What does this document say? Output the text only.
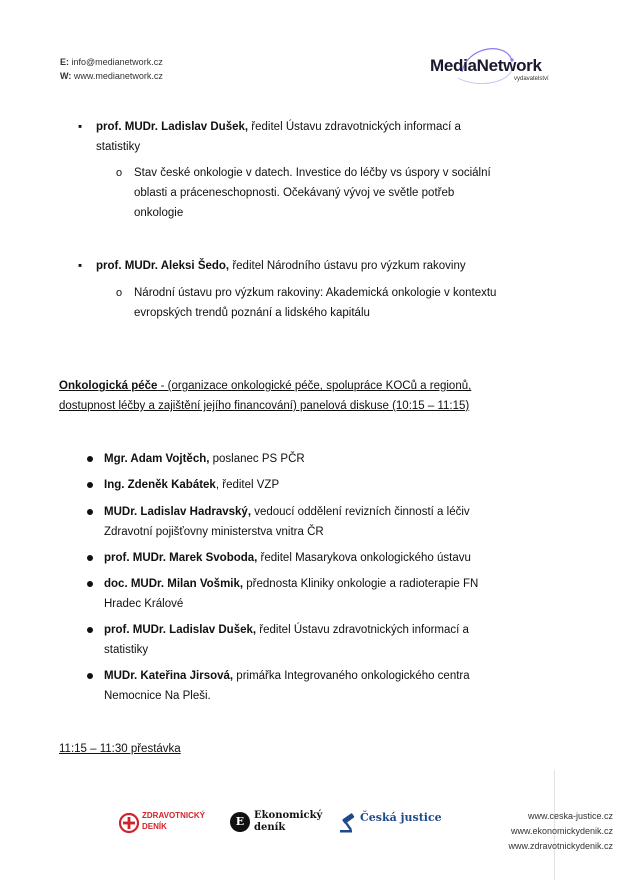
E: info@medianetwork.cz
W: www.medianetwork.cz
MediaNetwork
vydavatelství
▪	prof. MUDr. Ladislav Dušek, ředitel Ústavu zdravotnických informací a
statistiky
o Stav české onkologie v datech. Investice do léčby vs úspory v sociální
oblasti a práceneschopnosti. Očekávaný vývoj ve světle potřeb
onkologie
▪	prof. MUDr. Aleksi Šedo, ředitel Národního ústavu pro výzkum rakoviny
o Národní ústavu pro výzkum rakoviny: Akademická onkologie v kontextu
evropských trendů poznání a lidského kapitálu
Onkologická péče - (organizace onkologické péče, spolupráce KOCů a regionů,
dostupnost léčby a zajištění jejího financování) panelová diskuse (10:15 – 11:15)
Mgr. Adam Vojtěch, poslanec PS PČR
Ing. Zdeněk Kabátek, ředitel VZP
MUDr. Ladislav Hadravský, vedoucí oddělení revizních činností a léčiv
Zdravotní pojišťovny ministerstva vnitra ČR
prof. MUDr. Marek Svoboda, ředitel Masarykova onkologického ústavu
doc. MUDr. Milan Vošmik, přednosta Kliniky onkologie a radioterapie FN
Hradec Králové
prof. MUDr. Ladislav Dušek, ředitel Ústavu zdravotnických informací a
statistiky
MUDr. Kateřina Jirsová, primářka Integrovaného onkologického centra
Nemocnice Na Pleši.
11:15 – 11:30 přestávka
ZDRAVOTNICKÝ
DENÍK	E Ekonomický
deník
Česká justice	www.ceska-justice.cz
www.ekonomickydenik.cz
www.zdravotnickydenik.cz
